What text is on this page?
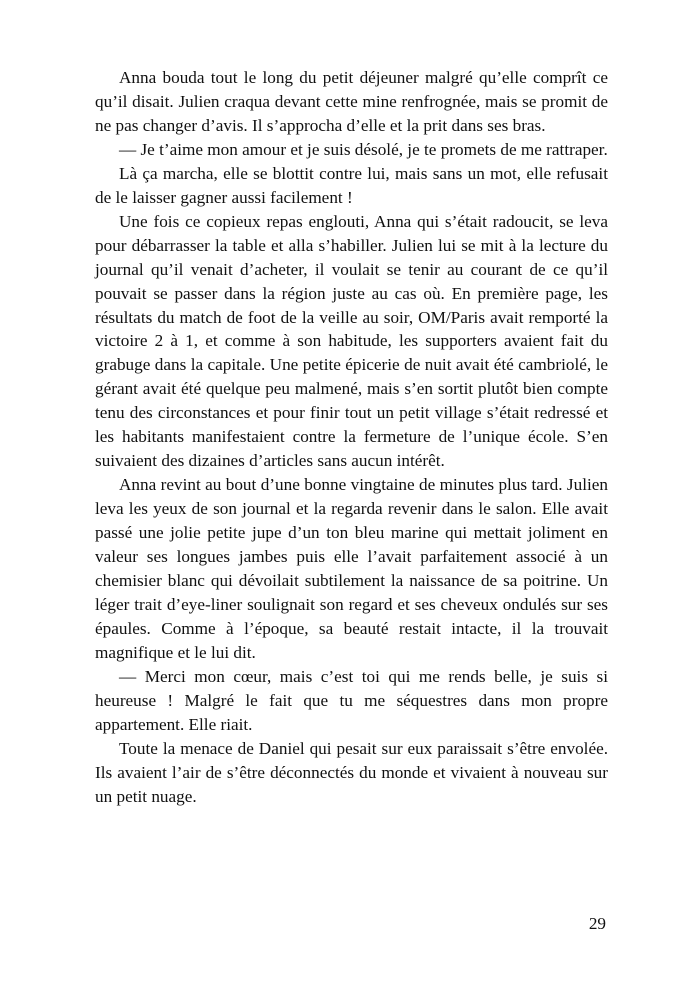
Anna bouda tout le long du petit déjeuner malgré qu’elle comprît ce qu’il disait. Julien craqua devant cette mine renfrognée, mais se promit de ne pas changer d’avis. Il s’approcha d’elle et la prit dans ses bras.

— Je t’aime mon amour et je suis désolé, je te promets de me rattraper.

Là ça marcha, elle se blottit contre lui, mais sans un mot, elle refusait de le laisser gagner aussi facilement !

Une fois ce copieux repas englouti, Anna qui s’était radoucit, se leva pour débarrasser la table et alla s’habiller. Julien lui se mit à la lecture du journal qu’il venait d’acheter, il voulait se tenir au courant de ce qu’il pouvait se passer dans la région juste au cas où. En première page, les résultats du match de foot de la veille au soir, OM/Paris avait remporté la victoire 2 à 1, et comme à son habitude, les supporters avaient fait du grabuge dans la capitale. Une petite épicerie de nuit avait été cambriolé, le gérant avait été quelque peu malmené, mais s’en sortit plutôt bien compte tenu des circonstances et pour finir tout un petit village s’était redressé et les habitants manifestaient contre la fermeture de l’unique école. S’en suivaient des dizaines d’articles sans aucun intérêt.

Anna revint au bout d’une bonne vingtaine de minutes plus tard. Julien leva les yeux de son journal et la regarda revenir dans le salon. Elle avait passé une jolie petite jupe d’un ton bleu marine qui mettait joliment en valeur ses longues jambes puis elle l’avait parfaitement associé à un chemisier blanc qui dévoilait subtilement la naissance de sa poitrine. Un léger trait d’eye-liner soulignait son regard et ses cheveux ondulés sur ses épaules. Comme à l’époque, sa beauté restait intacte, il la trouvait magnifique et le lui dit.

— Merci mon cœur, mais c’est toi qui me rends belle, je suis si heureuse ! Malgré le fait que tu me séquestres dans mon propre appartement. Elle riait.

Toute la menace de Daniel qui pesait sur eux paraissait s’être envolée. Ils avaient l’air de s’être déconnectés du monde et vivaient à nouveau sur un petit nuage.

29
